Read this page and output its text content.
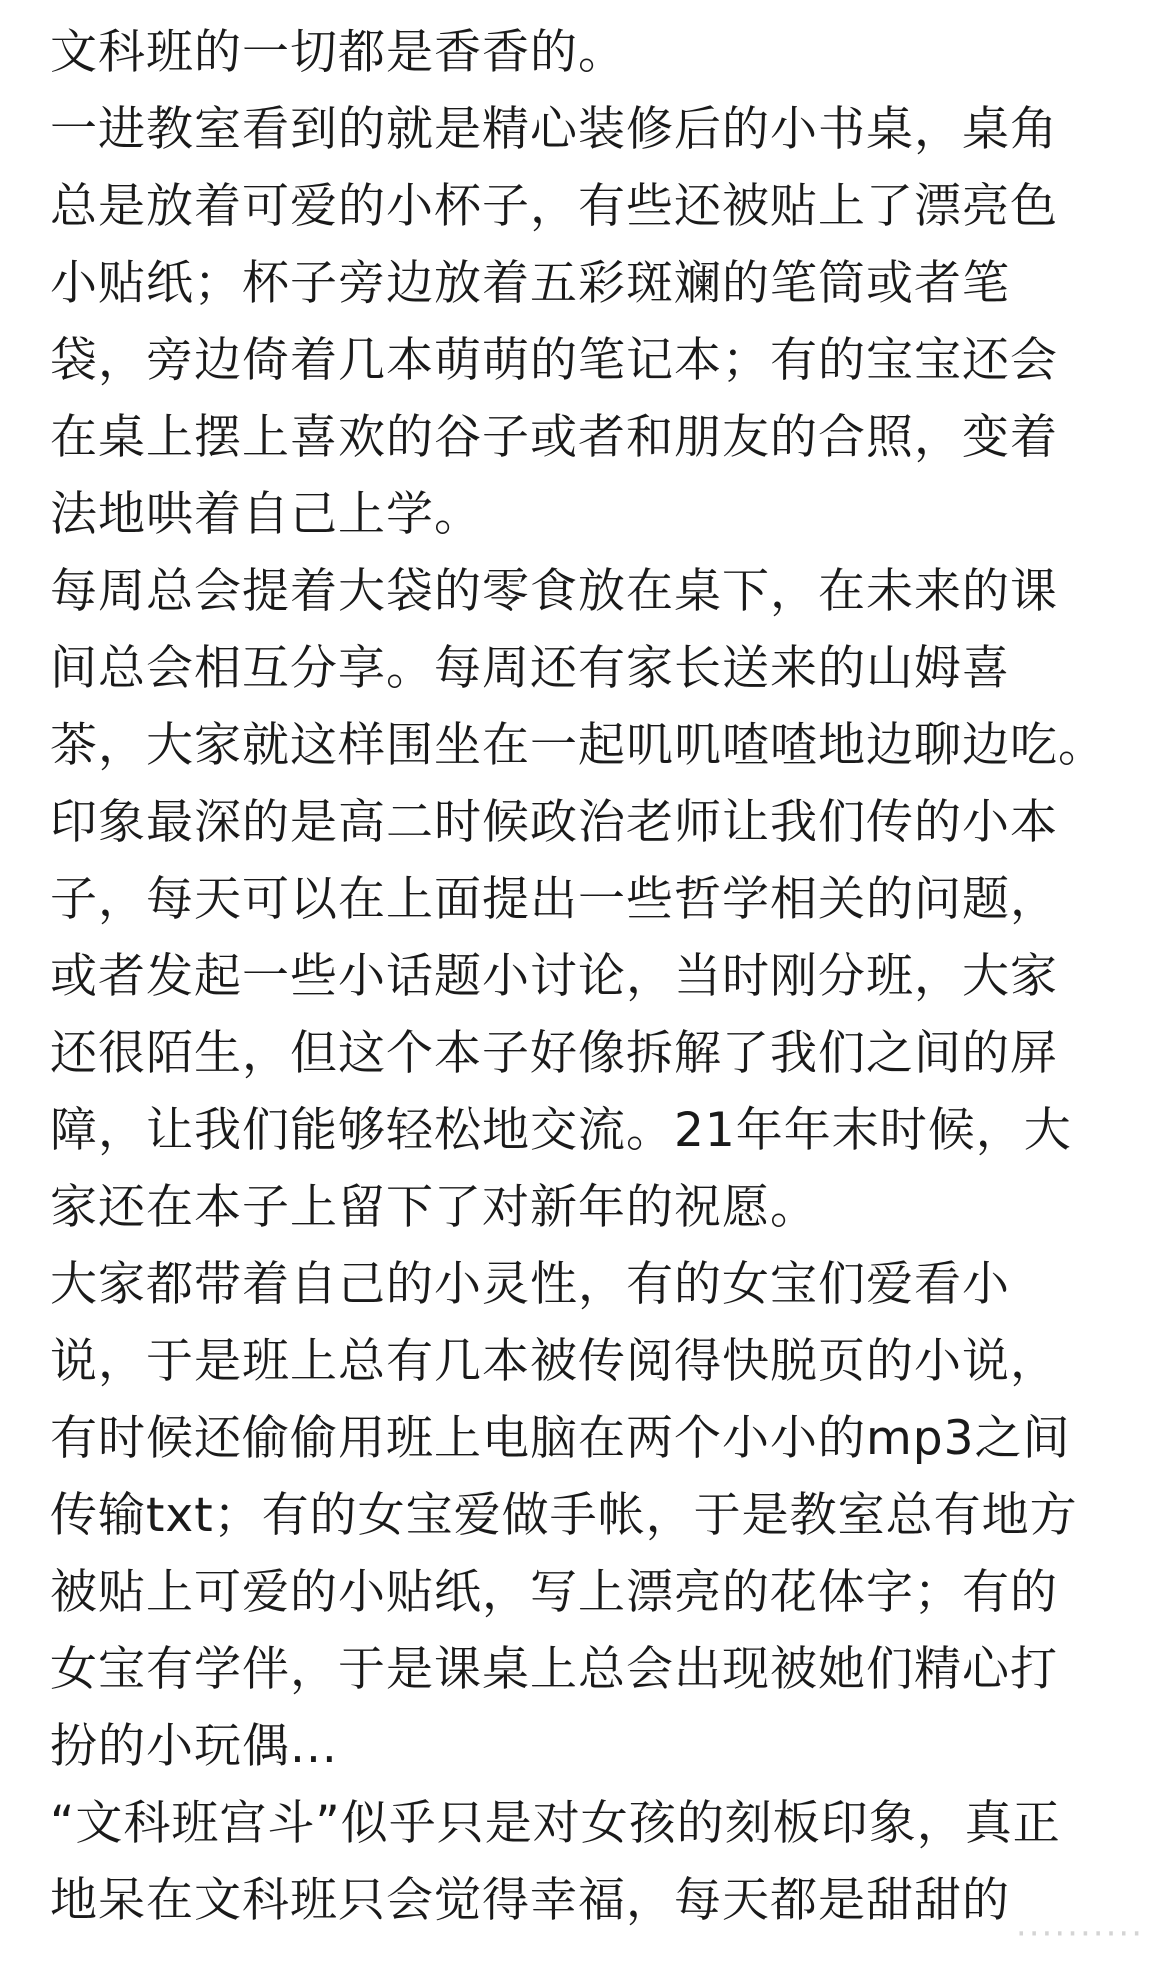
文科班的一切都是香香的。
一进教室看到的就是精心装修后的小书桌，桌角
总是放着可爱的小杯子，有些还被贴上了漂亮色
小贴纸；杯子旁边放着五彩斑斓的笔筒或者笔
袋，旁边倚着几本萌萌的笔记本；有的宝宝还会
在桌上摆上喜欢的谷子或者和朋友的合照，变着
法地哄着自己上学。
每周总会提着大袋的零食放在桌下，在未来的课
间总会相互分享。每周还有家长送来的山姆喜
茶，大家就这样围坐在一起叽叽喳喳地边聊边吃。
印象最深的是高二时候政治老师让我们传的小本
子，每天可以在上面提出一些哲学相关的问题，
或者发起一些小话题小讨论，当时刚分班，大家
还很陌生，但这个本子好像拆解了我们之间的屏
障，让我们能够轻松地交流。21年年末时候，大
家还在本子上留下了对新年的祝愿。
大家都带着自己的小灵性，有的女宝们爱看小
说，于是班上总有几本被传阅得快脱页的小说，
有时候还偷偷用班上电脑在两个小小的mp3之间
传输txt；有的女宝爱做手帐，于是教室总有地方
被贴上可爱的小贴纸，写上漂亮的花体字；有的
女宝有学伴，于是课桌上总会出现被她们精心打
扮的小玩偶...
“文科班宫斗”似乎只是对女孩的刻板印象，真正
地呆在文科班只会觉得幸福，每天都是甜甜的
··········
